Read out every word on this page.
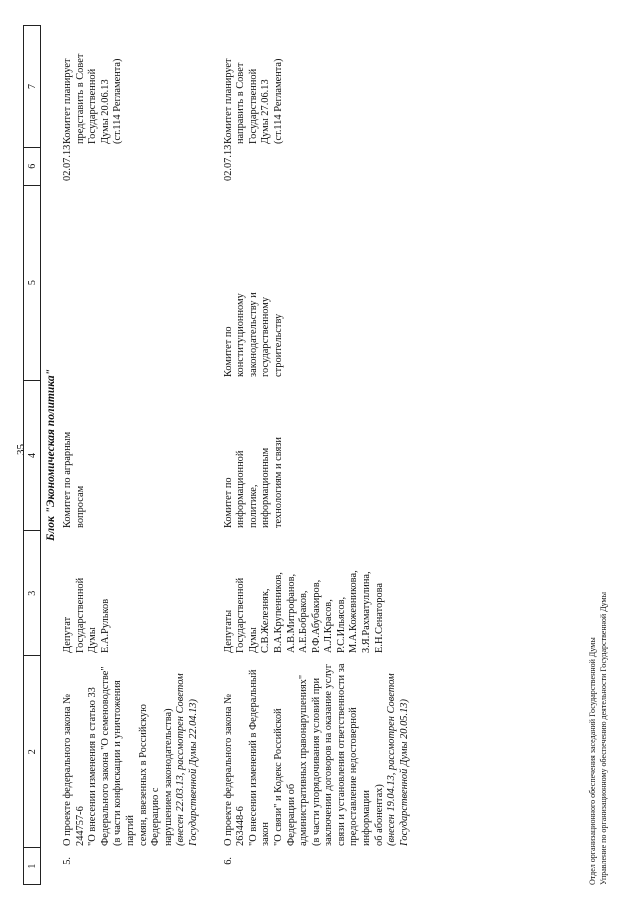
35
1
2
3
4
5
6
7
Блок "Экономическая политика"
5.
О проекте федерального закона № 244757-6 "О внесении изменения в статью 33 Федерального закона "О семеноводстве" (в части конфискации и уничтожения партий семян, ввезенных в Российскую Федерацию с нарушением законодательства) (внесен 22.03.13, рассмотрен Советом Государственной Думы 22.04.13)
Депутат Государственной Думы Е.А.Рульков
Комитет по аграрным вопросам
02.07.13
Комитет планирует представить в Совет Государственной Думы 20.06.13 (ст.114 Регламента)
6.
О проекте федерального закона № 263448-6 "О внесении изменений в Федеральный закон "О связи" и Кодекс Российской Федерации об административных правонарушениях" (в части упорядочивания условий при заключении договоров на оказание услуг связи и установления ответственности за предоставление недостоверной информации об абонентах) (внесен 19.04.13, рассмотрен Советом Государственной Думы 20.05.13)
Депутаты Государственной Думы С.В.Железняк, В.А.Крупенников, А.В.Митрофанов, А.Е.Бобраков, Р.Ф.Абубакиров, А.Л.Красов, Р.С.Ильясов, М.А.Кожевникова, З.Я.Рахматуллина, Е.Н.Сенаторова
Комитет по информационной политике, информационным технологиям и связи
Комитет по конституционному законодательству и государственному строительству
02.07.13
Комитет планирует направить в Совет Государственной Думы 27.06.13 (ст.114 Регламента)
Отдел организационного обеспечения заседаний Государственной Думы Управление по организационному обеспечению деятельности Государственной Думы
